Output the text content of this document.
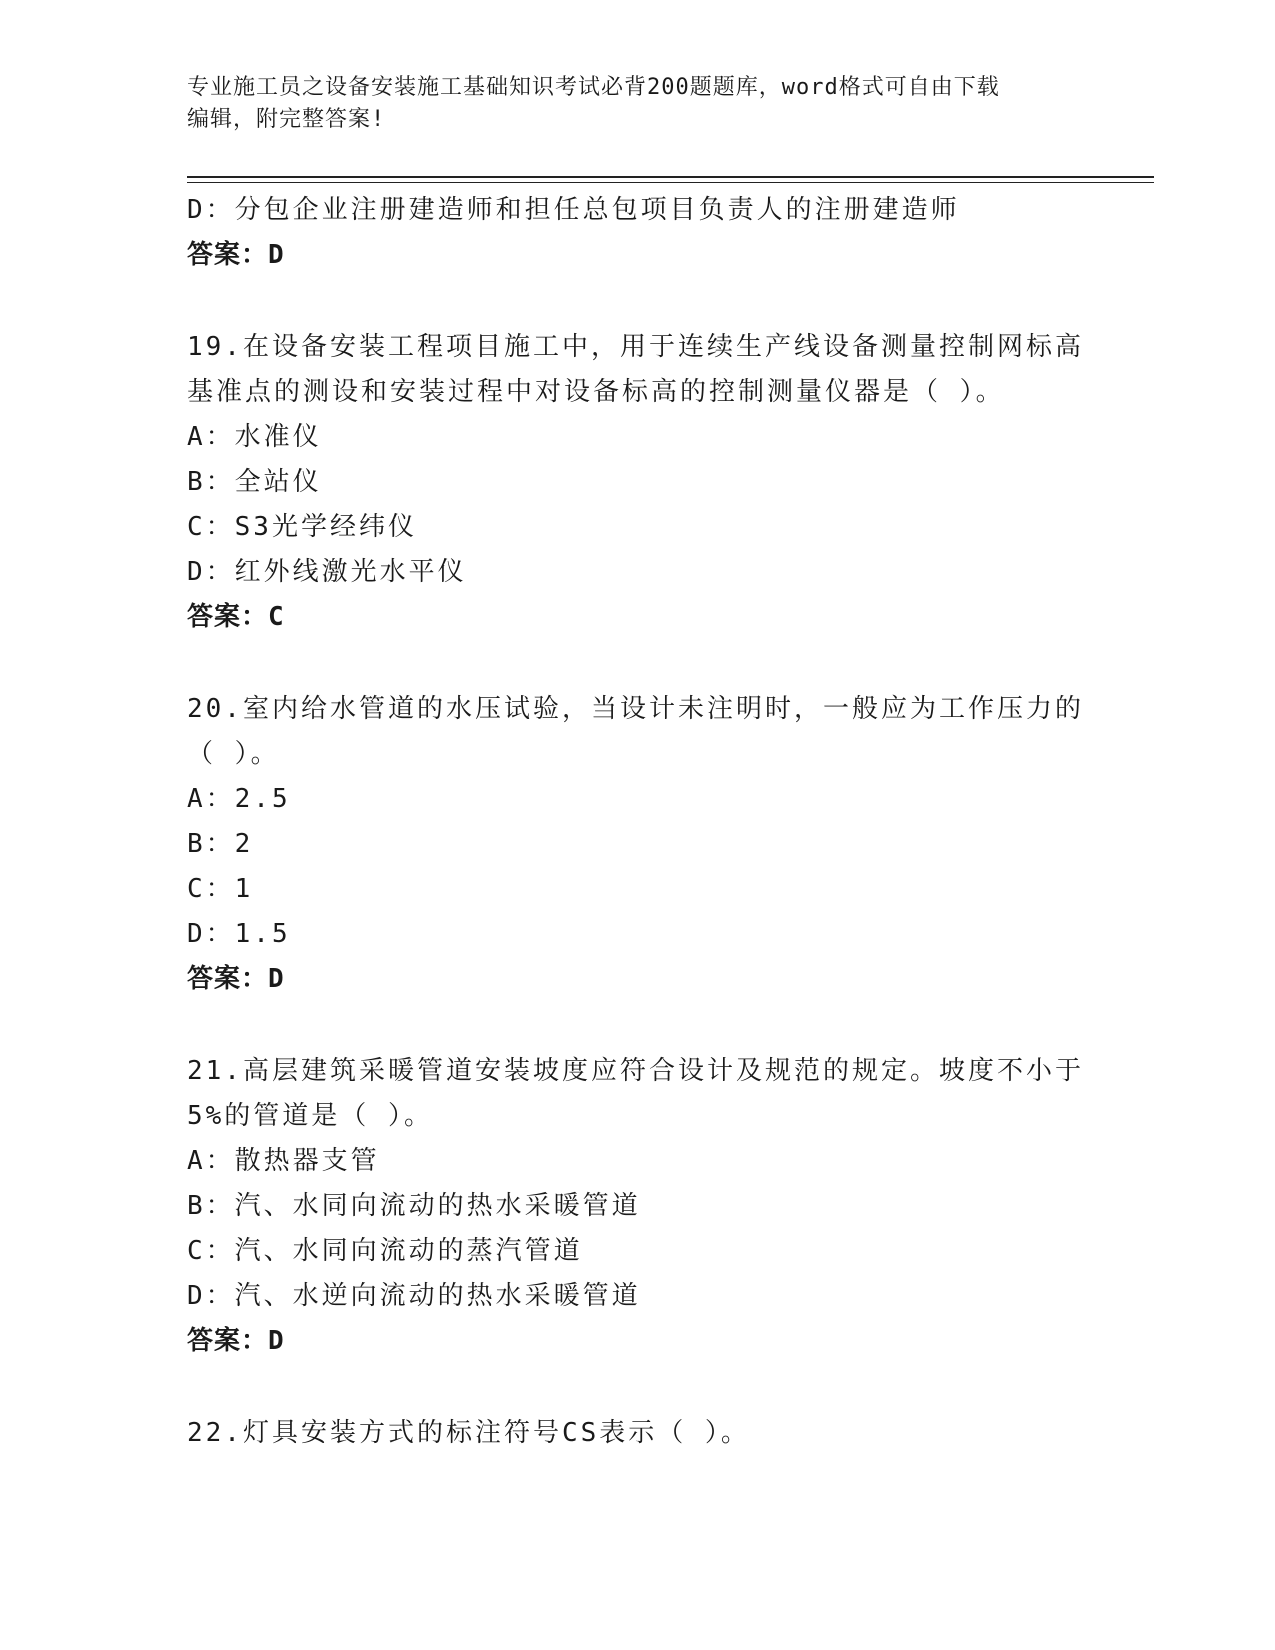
专业施工员之设备安装施工基础知识考试必背200题题库，word格式可自由下载
编辑，附完整答案!
D：分包企业注册建造师和担任总包项目负责人的注册建造师
答案：D
19.在设备安装工程项目施工中，用于连续生产线设备测量控制网标高
基准点的测设和安装过程中对设备标高的控制测量仪器是（ ）。
A：水准仪
B：全站仪
C：S3光学经纬仪
D：红外线激光水平仪
答案：C
20.室内给水管道的水压试验，当设计未注明时，一般应为工作压力的
（ ）。
A：2.5
B：2
C：1
D：1.5
答案：D
21.高层建筑采暖管道安装坡度应符合设计及规范的规定。坡度不小于
5%的管道是（ ）。
A：散热器支管
B：汽、水同向流动的热水采暖管道
C：汽、水同向流动的蒸汽管道
D：汽、水逆向流动的热水采暖管道
答案：D
22.灯具安装方式的标注符号CS表示（ ）。
